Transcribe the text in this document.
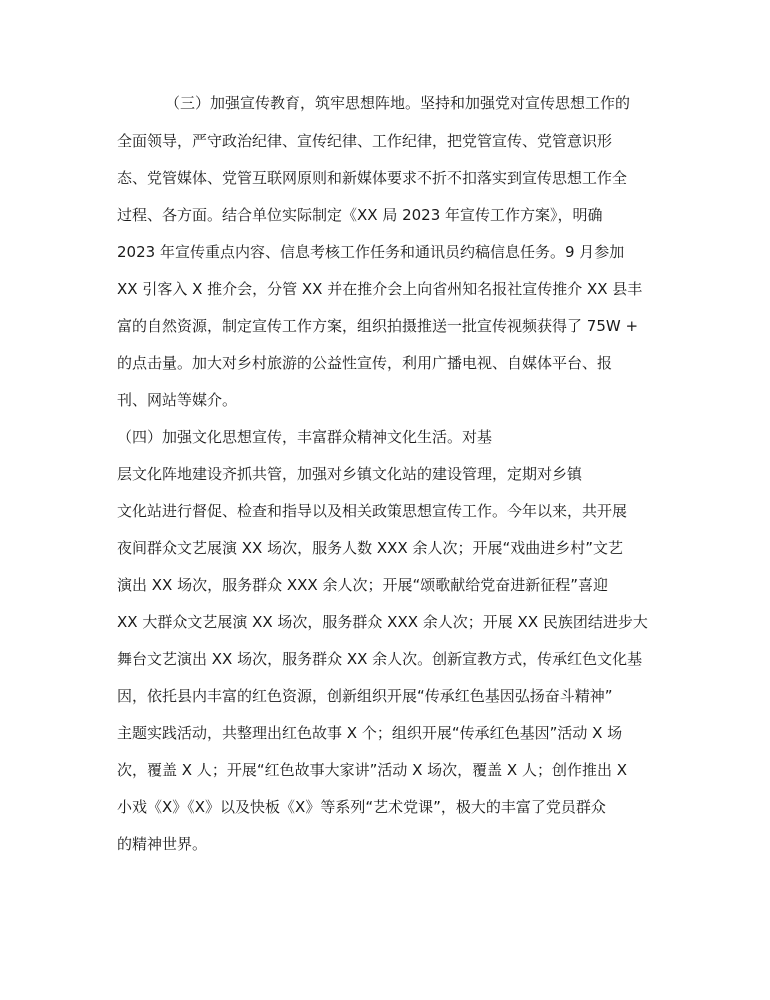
（三）加强宣传教育，筑牢思想阵地。坚持和加强党对宣传思想工作的
全面领导，严守政治纪律、宣传纪律、工作纪律，把党管宣传、党管意识形
态、党管媒体、党管互联网原则和新媒体要求不折不扣落实到宣传思想工作全
过程、各方面。结合单位实际制定《XX 局 2023 年宣传工作方案》，明确
2023 年宣传重点内容、信息考核工作任务和通讯员约稿信息任务。9 月参加
XX 引客入 X 推介会，分管 XX 并在推介会上向省州知名报社宣传推介 XX 县丰
富的自然资源，制定宣传工作方案，组织拍摄推送一批宣传视频获得了 75W +
的点击量。加大对乡村旅游的公益性宣传，利用广播电视、自媒体平台、报
刊、网站等媒介。
（四）加强文化思想宣传，丰富群众精神文化生活。对基
层文化阵地建设齐抓共管，加强对乡镇文化站的建设管理，定期对乡镇
文化站进行督促、检查和指导以及相关政策思想宣传工作。今年以来，共开展
夜间群众文艺展演 XX 场次，服务人数 XXX 余人次；开展“戏曲进乡村”文艺
演出 XX 场次，服务群众 XXX 余人次；开展“颂歌献给党奋进新征程”喜迎
XX 大群众文艺展演 XX 场次，服务群众 XXX 余人次；开展 XX 民族团结进步大
舞台文艺演出 XX 场次，服务群众 XX 余人次。创新宣教方式，传承红色文化基
因，依托县内丰富的红色资源，创新组织开展“传承红色基因弘扬奋斗精神”
主题实践活动，共整理出红色故事 X 个；组织开展“传承红色基因”活动 X 场
次，覆盖 X 人；开展“红色故事大家讲”活动 X 场次，覆盖 X 人；创作推出 X
小戏《X》《X》以及快板《X》等系列“艺术党课”，极大的丰富了党员群众
的精神世界。
